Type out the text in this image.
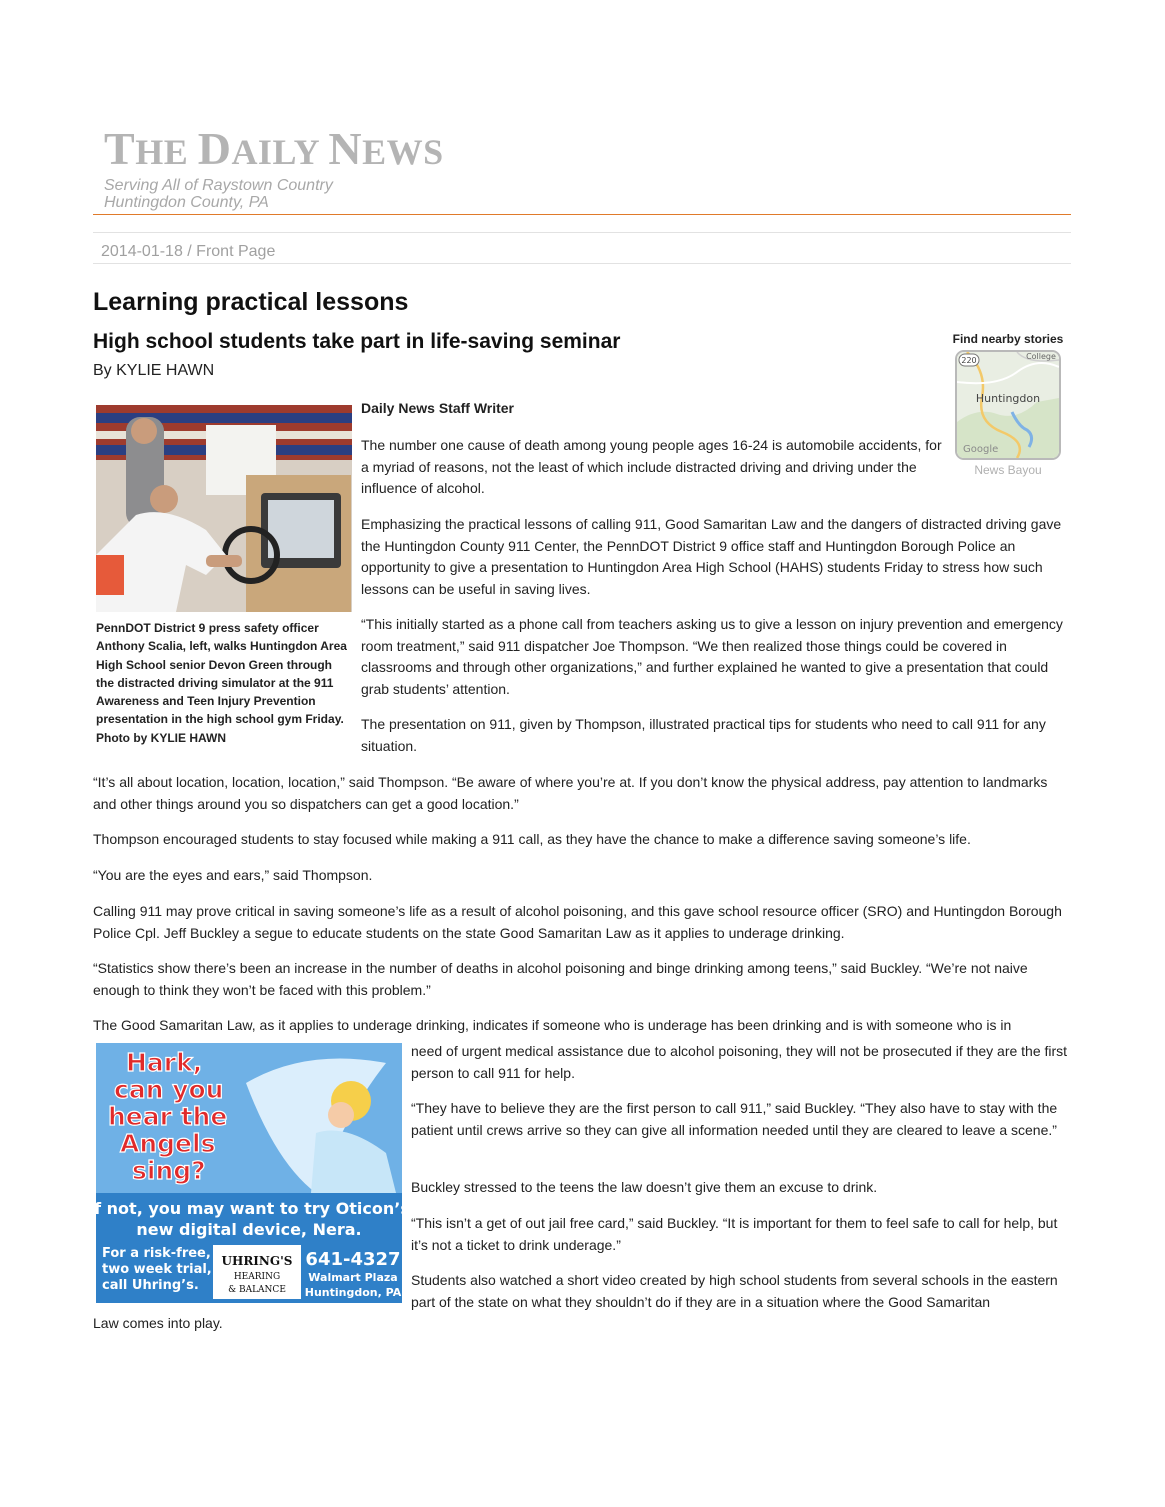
THE DAILY NEWS
Serving All of Raystown Country
Huntingdon County, PA
2014-01-18 / Front Page
Learning practical lessons
High school students take part in life-saving seminar
By KYLIE HAWN
Find nearby stories
220	College
Huntingdon
Google
News Bayou
PennDOT District 9 press safety officer Anthony Scalia, left, walks Huntingdon Area High School senior Devon Green through the distracted driving simulator at the 911 Awareness and Teen Injury Prevention presentation in the high school gym Friday. Photo by KYLIE HAWN
Daily News Staff Writer

The number one cause of death among young people ages 16-24 is automobile accidents, for a myriad of reasons, not the least of which include distracted driving and driving under the influence of alcohol.

Emphasizing the practical lessons of calling 911, Good Samaritan Law and the dangers of distracted driving gave the Huntingdon County 911 Center, the PennDOT District 9 office staff and Huntingdon Borough Police an opportunity to give a presentation to Huntingdon Area High School (HAHS) students Friday to stress how such lessons can be useful in saving lives.

“This initially started as a phone call from teachers asking us to give a lesson on injury prevention and emergency room treatment,” said 911 dispatcher Joe Thompson. “We then realized those things could be covered in classrooms and through other organizations,” and further explained he wanted to give a presentation that could grab students’ attention.

The presentation on 911, given by Thompson, illustrated practical tips for students who need to call 911 for any situation.

“It’s all about location, location, location,” said Thompson. “Be aware of where you’re at. If you don’t know the physical address, pay attention to landmarks and other things around you so dispatchers can get a good location.”

Thompson encouraged students to stay focused while making a 911 call, as they have the chance to make a difference saving someone’s life.

“You are the eyes and ears,” said Thompson.

Calling 911 may prove critical in saving someone’s life as a result of alcohol poisoning, and this gave school resource officer (SRO) and Huntingdon Borough Police Cpl. Jeff Buckley a segue to educate students on the state Good Samaritan Law as it applies to underage drinking.

“Statistics show there’s been an increase in the number of deaths in alcohol poisoning and binge drinking among teens,” said Buckley. “We’re not naive enough to think they won’t be faced with this problem.”

The Good Samaritan Law, as it applies to underage drinking, indicates if someone who is underage has been drinking and is with someone who is in

need of urgent medical assistance due to alcohol poisoning, they will not be prosecuted if they are the first person to call 911 for help.

“They have to believe they are the first person to call 911,” said Buckley. “They also have to stay with the patient until crews arrive so they can give all information needed until they are cleared to leave a scene.”

Buckley stressed to the teens the law doesn’t give them an excuse to drink.

“This isn’t a get of out jail free card,” said Buckley. “It is important for them to feel safe to call for help, but it’s not a ticket to drink underage.”

Students also watched a short video created by high school students from several schools in the eastern part of the state on what they shouldn’t do if they are in a situation where the Good Samaritan

Law comes into play.

Hark,
can you
hear the
Angels
sing?
If not, you may want to try Oticon’s
new digital device, Nera.
For a risk-free,
two week trial,
call Uhring’s.
UHRING'S
HEARING
& BALANCE
641-4327
Walmart Plaza
Huntingdon, PA
